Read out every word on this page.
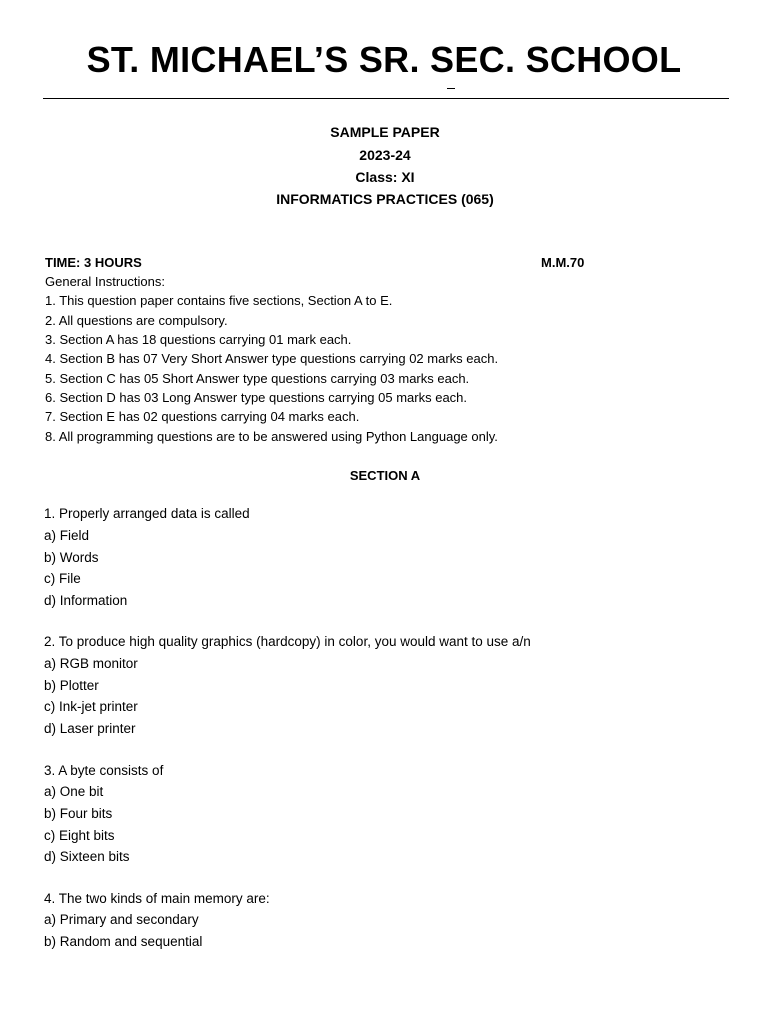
ST. MICHAEL’S SR. SEC. SCHOOL
SAMPLE PAPER
2023-24
Class: XI
INFORMATICS PRACTICES (065)
TIME: 3 HOURS	M.M.70
General Instructions:
1. This question paper contains five sections, Section A to E.
2. All questions are compulsory.
3. Section A has 18 questions carrying 01 mark each.
4. Section B has 07 Very Short Answer type questions carrying 02 marks each.
5. Section C has 05 Short Answer type questions carrying 03 marks each.
6. Section D has 03 Long Answer type questions carrying 05 marks each.
7. Section E has 02 questions carrying 04 marks each.
8. All programming questions are to be answered using Python Language only.
SECTION A
1. Properly arranged data is called
a) Field
b) Words
c) File
d) Information
2. To produce high quality graphics (hardcopy) in color, you would want to use a/n
a) RGB monitor
b) Plotter
c) Ink-jet printer
d) Laser printer
3. A byte consists of
a) One bit
b) Four bits
c) Eight bits
d) Sixteen bits
4. The two kinds of main memory are:
a) Primary and secondary
b) Random and sequential
